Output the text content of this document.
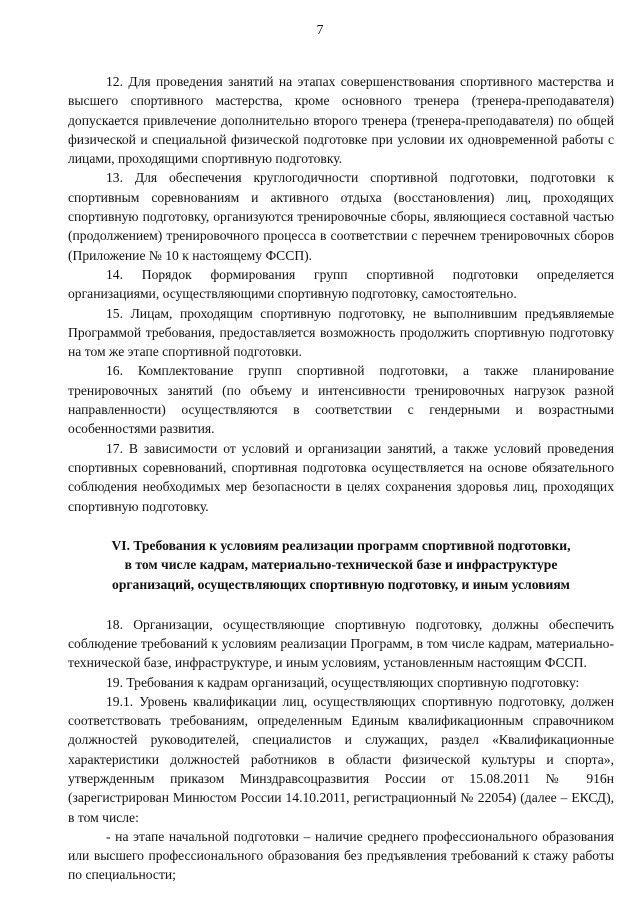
7

12. Для проведения занятий на этапах совершенствования спортивного мастерства и высшего спортивного мастерства, кроме основного тренера (тренера-преподавателя) допускается привлечение дополнительно второго тренера (тренера-преподавателя) по общей физической и специальной физической подготовке при условии их одновременной работы с лицами, проходящими спортивную подготовку.

13. Для обеспечения круглогодичности спортивной подготовки, подготовки к спортивным соревнованиям и активного отдыха (восстановления) лиц, проходящих спортивную подготовку, организуются тренировочные сборы, являющиеся составной частью (продолжением) тренировочного процесса в соответствии с перечнем тренировочных сборов (Приложение № 10 к настоящему ФССП).

14. Порядок формирования групп спортивной подготовки определяется организациями, осуществляющими спортивную подготовку, самостоятельно.

15. Лицам, проходящим спортивную подготовку, не выполнившим предъявляемые Программой требования, предоставляется возможность продолжить спортивную подготовку на том же этапе спортивной подготовки.

16. Комплектование групп спортивной подготовки, а также планирование тренировочных занятий (по объему и интенсивности тренировочных нагрузок разной направленности) осуществляются в соответствии с гендерными и возрастными особенностями развития.

17. В зависимости от условий и организации занятий, а также условий проведения спортивных соревнований, спортивная подготовка осуществляется на основе обязательного соблюдения необходимых мер безопасности в целях сохранения здоровья лиц, проходящих спортивную подготовку.

VI. Требования к условиям реализации программ спортивной подготовки,
в том числе кадрам, материально-технической базе и инфраструктуре
организаций, осуществляющих спортивную подготовку, и иным условиям

18. Организации, осуществляющие спортивную подготовку, должны обеспечить соблюдение требований к условиям реализации Программ, в том числе кадрам, материально-технической базе, инфраструктуре, и иным условиям, установленным настоящим ФССП.

19. Требования к кадрам организаций, осуществляющих спортивную подготовку:

19.1. Уровень квалификации лиц, осуществляющих спортивную подготовку, должен соответствовать требованиям, определенным Единым квалификационным справочником должностей руководителей, специалистов и служащих, раздел «Квалификационные характеристики должностей работников в области физической культуры и спорта», утвержденным приказом Минздравсоцразвития России от 15.08.2011 № 916н (зарегистрирован Минюстом России 14.10.2011, регистрационный № 22054) (далее – ЕКСД), в том числе:

- на этапе начальной подготовки – наличие среднего профессионального образования или высшего профессионального образования без предъявления требований к стажу работы по специальности;
